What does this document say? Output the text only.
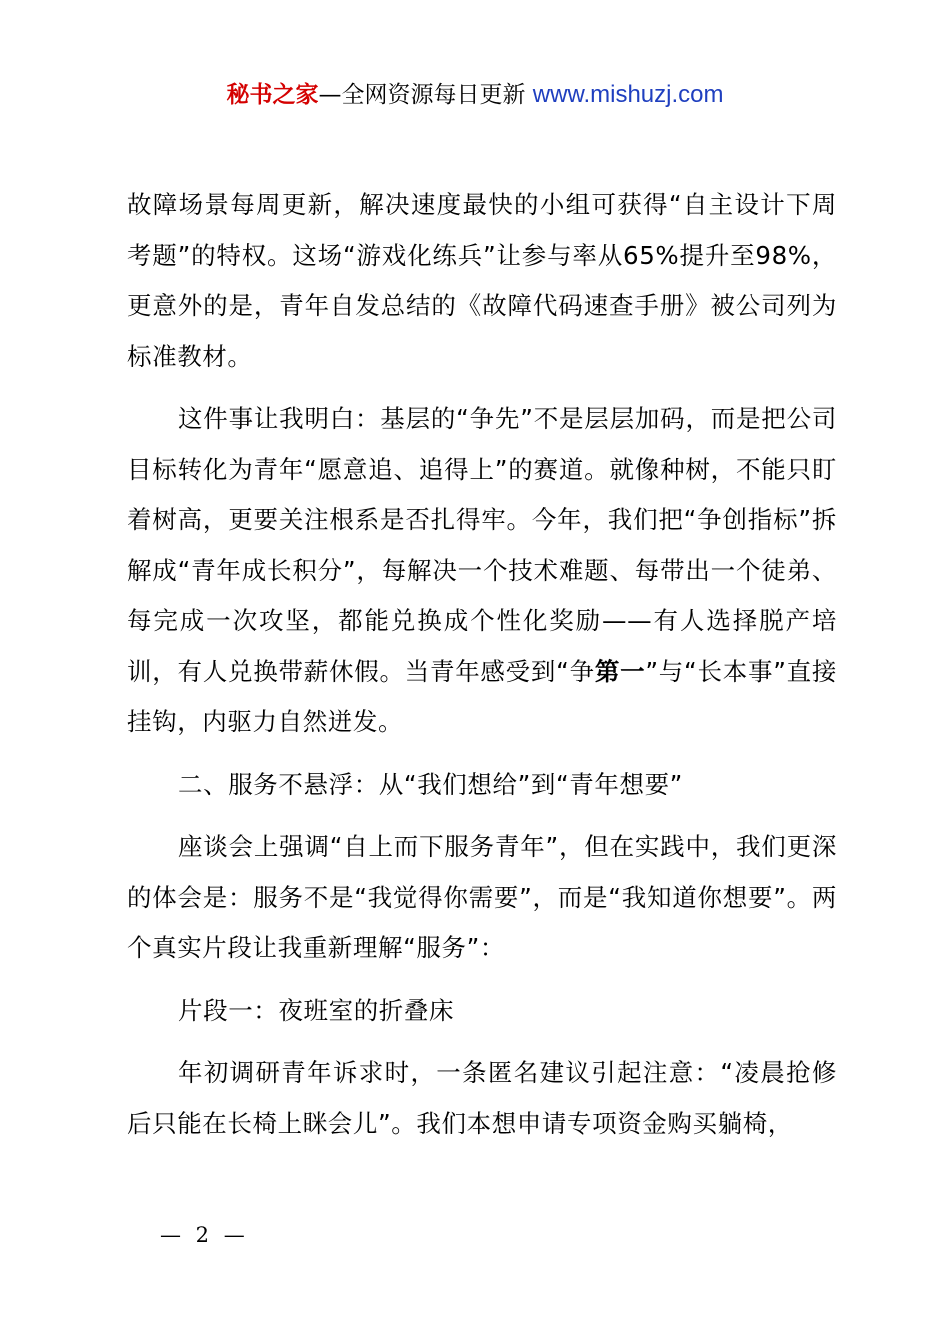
秘书之家—全网资源每日更新 www.mishuzj.com

故障场景每周更新，解决速度最快的小组可获得“自主设计下周考题”的特权。这场“游戏化练兵”让参与率从65%提升至98%，更意外的是，青年自发总结的《故障代码速查手册》被公司列为标准教材。

这件事让我明白：基层的“争先”不是层层加码，而是把公司目标转化为青年“愿意追、追得上”的赛道。就像种树，不能只盯着树高，更要关注根系是否扎得牢。今年，我们把“争创指标”拆解成“青年成长积分”，每解决一个技术难题、每带出一个徒弟、每完成一次攻坚，都能兑换成个性化奖励——有人选择脱产培训，有人兑换带薪休假。当青年感受到“争第一”与“长本事”直接挂钩，内驱力自然迸发。

二、服务不悬浮：从“我们想给”到“青年想要”

座谈会上强调“自上而下服务青年”，但在实践中，我们更深的体会是：服务不是“我觉得你需要”，而是“我知道你想要”。两个真实片段让我重新理解“服务”：

片段一：夜班室的折叠床

年初调研青年诉求时，一条匿名建议引起注意：“凌晨抢修后只能在长椅上眯会儿”。我们本想申请专项资金购买躺椅，

— 2 —
